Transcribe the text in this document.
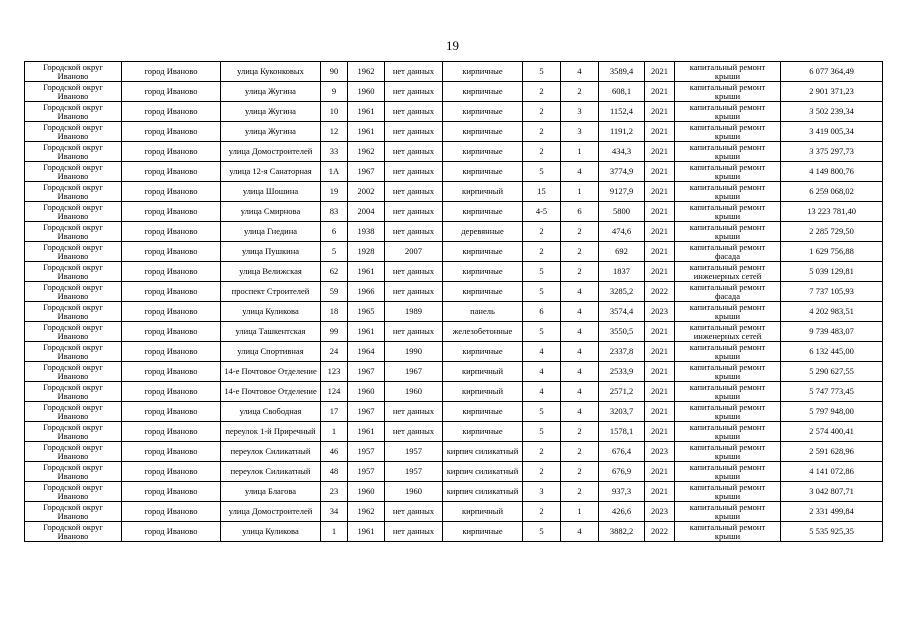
19
Городской округ Иваново	город Иваново	улица Куконковых	90	1962	нет данных	кирпичные	5	4	3589,4	2021	капитальный ремонт крыши	6 077 364,49
Городской округ Иваново	город Иваново	улица Жугина	9	1960	нет данных	кирпичные	2	2	608,1	2021	капитальный ремонт крыши	2 901 371,23
Городской округ Иваново	город Иваново	улица Жугина	10	1961	нет данных	кирпичные	2	3	1152,4	2021	капитальный ремонт крыши	3 502 239,34
Городской округ Иваново	город Иваново	улица Жугина	12	1961	нет данных	кирпичные	2	3	1191,2	2021	капитальный ремонт крыши	3 419 005,34
Городской округ Иваново	город Иваново	улица Домостроителей	33	1962	нет данных	кирпичные	2	1	434,3	2021	капитальный ремонт крыши	3 375 297,73
Городской округ Иваново	город Иваново	улица 12-я Санаторная	1А	1967	нет данных	кирпичные	5	4	3774,9	2021	капитальный ремонт крыши	4 149 800,76
Городской округ Иваново	город Иваново	улица Шошина	19	2002	нет данных	кирпичный	15	1	9127,9	2021	капитальный ремонт крыши	6 259 068,02
Городской округ Иваново	город Иваново	улица Смирнова	83	2004	нет данных	кирпичные	4-5	6	5800	2021	капитальный ремонт крыши	13 223 781,40
Городской округ Иваново	город Иваново	улица Гнедина	6	1938	нет данных	деревянные	2	2	474,6	2021	капитальный ремонт крыши	2 285 729,50
Городской округ Иваново	город Иваново	улица Пушкина	5	1928	2007	кирпичные	2	2	692	2021	капитальный ремонт фасада	1 629 756,88
Городской округ Иваново	город Иваново	улица Велижская	62	1961	нет данных	кирпичные	5	2	1837	2021	капитальный ремонт инженерных сетей	5 039 129,81
Городской округ Иваново	город Иваново	проспект Строителей	59	1966	нет данных	кирпичные	5	4	3285,2	2022	капитальный ремонт фасада	7 737 105,93
Городской округ Иваново	город Иваново	улица Куликова	18	1965	1989	панель	6	4	3574,4	2023	капитальный ремонт крыши	4 202 983,51
Городской округ Иваново	город Иваново	улица Ташкентская	99	1961	нет данных	железобетонные	5	4	3550,5	2021	капитальный ремонт инженерных сетей	9 739 483,07
Городской округ Иваново	город Иваново	улица Спортивная	24	1964	1990	кирпичные	4	4	2337,8	2021	капитальный ремонт крыши	6 132 445,00
Городской округ Иваново	город Иваново	14-е Почтовое Отделение	123	1967	1967	кирпичный	4	4	2533,9	2021	капитальный ремонт крыши	5 290 627,55
Городской округ Иваново	город Иваново	14-е Почтовое Отделение	124	1960	1960	кирпичный	4	4	2571,2	2021	капитальный ремонт крыши	5 747 773,45
Городской округ Иваново	город Иваново	улица Свободная	17	1967	нет данных	кирпичные	5	4	3203,7	2021	капитальный ремонт крыши	5 797 948,00
Городской округ Иваново	город Иваново	переулок 1-й Приречный	1	1961	нет данных	кирпичные	5	2	1578,1	2021	капитальный ремонт крыши	2 574 400,41
Городской округ Иваново	город Иваново	переулок Силикатный	46	1957	1957	кирпич силикатный	2	2	676,4	2023	капитальный ремонт крыши	2 591 628,96
Городской округ Иваново	город Иваново	переулок Силикатный	48	1957	1957	кирпич силикатный	2	2	676,9	2021	капитальный ремонт крыши	4 141 072,86
Городской округ Иваново	город Иваново	улица Благова	23	1960	1960	кирпич силикатный	3	2	937,3	2021	капитальный ремонт крыши	3 042 807,71
Городской округ Иваново	город Иваново	улица Домостроителей	34	1962	нет данных	кирпичный	2	1	426,6	2023	капитальный ремонт крыши	2 331 499,84
Городской округ Иваново	город Иваново	улица Куликова	1	1961	нет данных	кирпичные	5	4	3882,2	2022	капитальный ремонт крыши	5 535 925,35
